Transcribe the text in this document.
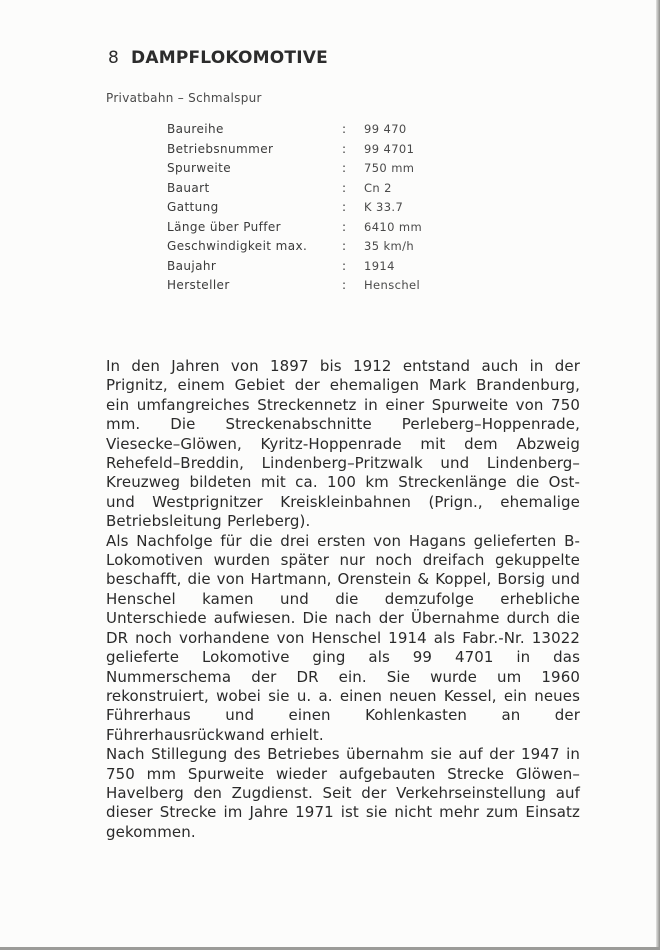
8 DAMPFLOKOMOTIVE
Privatbahn – Schmalspur
Baureihe	: 99 470
Betriebsnummer	: 99 4701
Spurweite	: 750 mm
Bauart	: Cn 2
Gattung	: K 33.7
Länge über Puffer	: 6410 mm
Geschwindigkeit max.	: 35 km/h
Baujahr	: 1914
Hersteller	: Henschel

In den Jahren von 1897 bis 1912 entstand auch in der Prignitz, einem Gebiet der ehemaligen Mark Brandenburg, ein umfangreiches Streckennetz in einer Spurweite von 750 mm. Die Streckenabschnitte Perleberg–Hoppenrade, Viesecke–Glöwen, Kyritz-Hoppenrade mit dem Abzweig Rehefeld–Breddin, Lindenberg–Pritzwalk und Lindenberg–Kreuzweg bildeten mit ca. 100 km Streckenlänge die Ost- und Westprignitzer Kreiskleinbahnen (Prign., ehemalige Betriebsleitung Perleberg).

Als Nachfolge für die drei ersten von Hagans gelieferten B-Lokomotiven wurden später nur noch dreifach gekuppelte beschafft, die von Hartmann, Orenstein & Koppel, Borsig und Henschel kamen und die demzufolge erhebliche Unterschiede aufwiesen. Die nach der Übernahme durch die DR noch vorhandene von Henschel 1914 als Fabr.-Nr. 13022 gelieferte Lokomotive ging als 99 4701 in das Nummerschema der DR ein. Sie wurde um 1960 rekonstruiert, wobei sie u. a. einen neuen Kessel, ein neues Führerhaus und einen Kohlenkasten an der Führerhausrückwand erhielt.

Nach Stillegung des Betriebes übernahm sie auf der 1947 in 750 mm Spurweite wieder aufgebauten Strecke Glöwen–Havelberg den Zugdienst. Seit der Verkehrseinstellung auf dieser Strecke im Jahre 1971 ist sie nicht mehr zum Einsatz gekommen.
